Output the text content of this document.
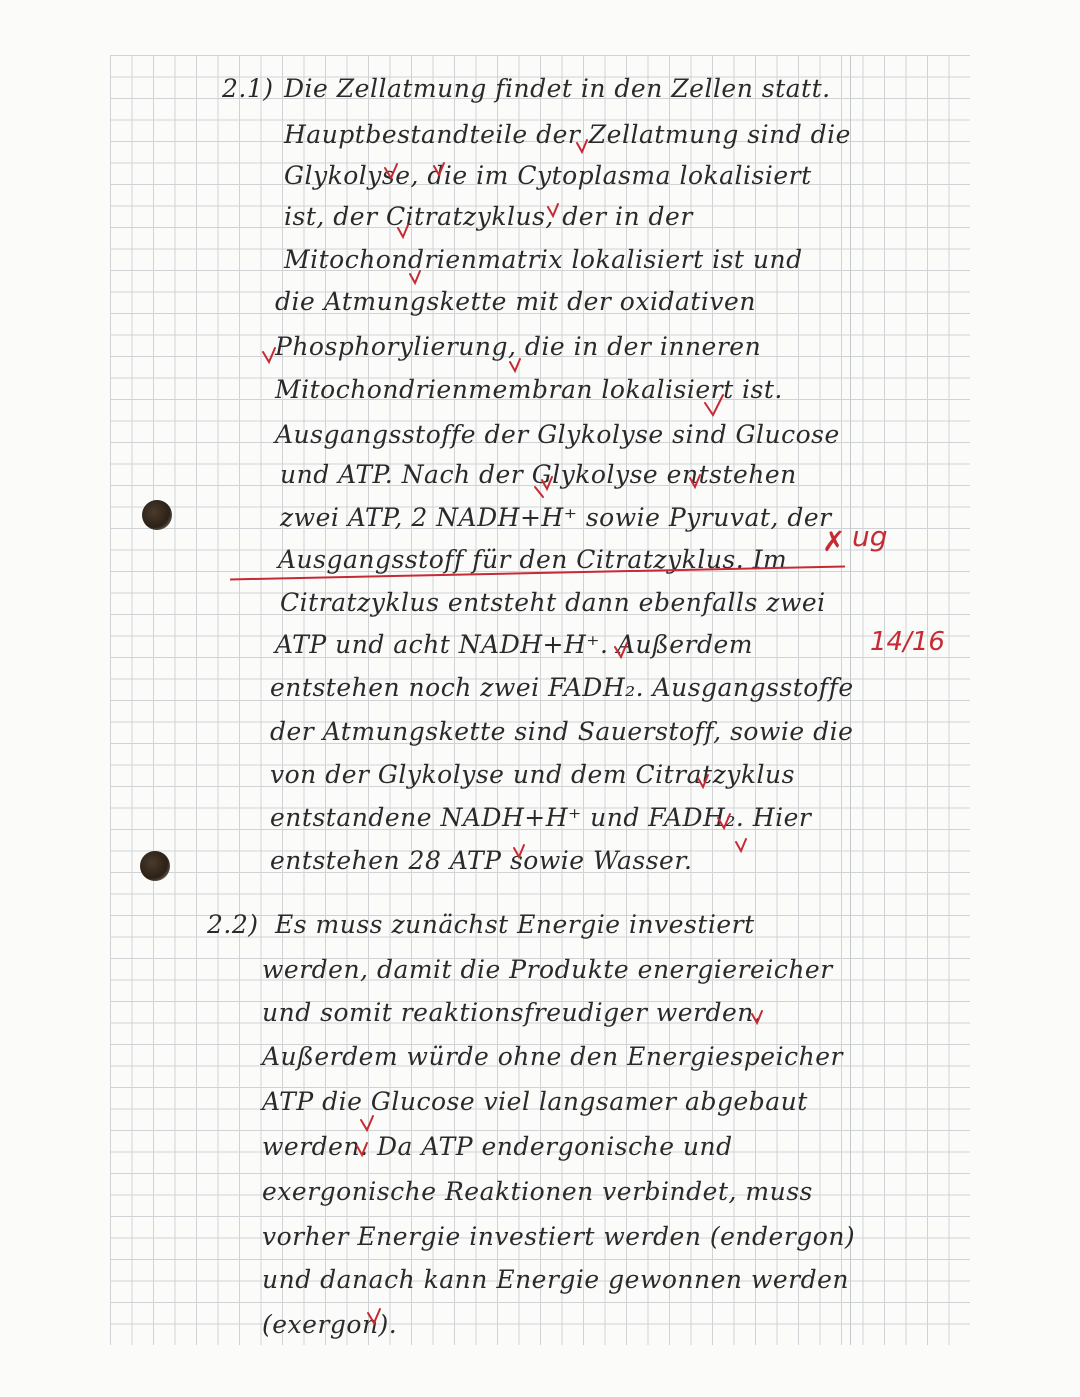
2.1) Die Zellatmung findet in den Zellen statt.
Hauptbestandteile der Zellatmung sind die
Glykolyse, die im Cytoplasma lokalisiert
ist, der Citratzyklus, der in der
Mitochondrienmatrix lokalisiert ist und
die Atmungskette mit der oxidativen
Phosphorylierung, die in der inneren
Mitochondrienmembran lokalisiert ist.
Ausgangsstoffe der Glykolyse sind Glucose
und ATP. Nach der Glykolyse entstehen
zwei ATP, 2 NADH+H⁺ sowie Pyruvat, der
Ausgangsstoff für den Citratzyklus. Im
Citratzyklus entsteht dann ebenfalls zwei
ATP und acht NADH+H⁺. Außerdem
entstehen noch zwei FADH₂. Ausgangsstoffe
der Atmungskette sind Sauerstoff, sowie die
von der Glykolyse und dem Citratzyklus
entstandene NADH+H⁺ und FADH₂. Hier
entstehen 28 ATP sowie Wasser.
✗ ug
14/16
2.2) Es muss zunächst Energie investiert
werden, damit die Produkte energiereicher
und somit reaktionsfreudiger werden.
Außerdem würde ohne den Energiespeicher
ATP die Glucose viel langsamer abgebaut
werden. Da ATP endergonische und
exergonische Reaktionen verbindet, muss
vorher Energie investiert werden (endergon)
und danach kann Energie gewonnen werden
(exergon).
